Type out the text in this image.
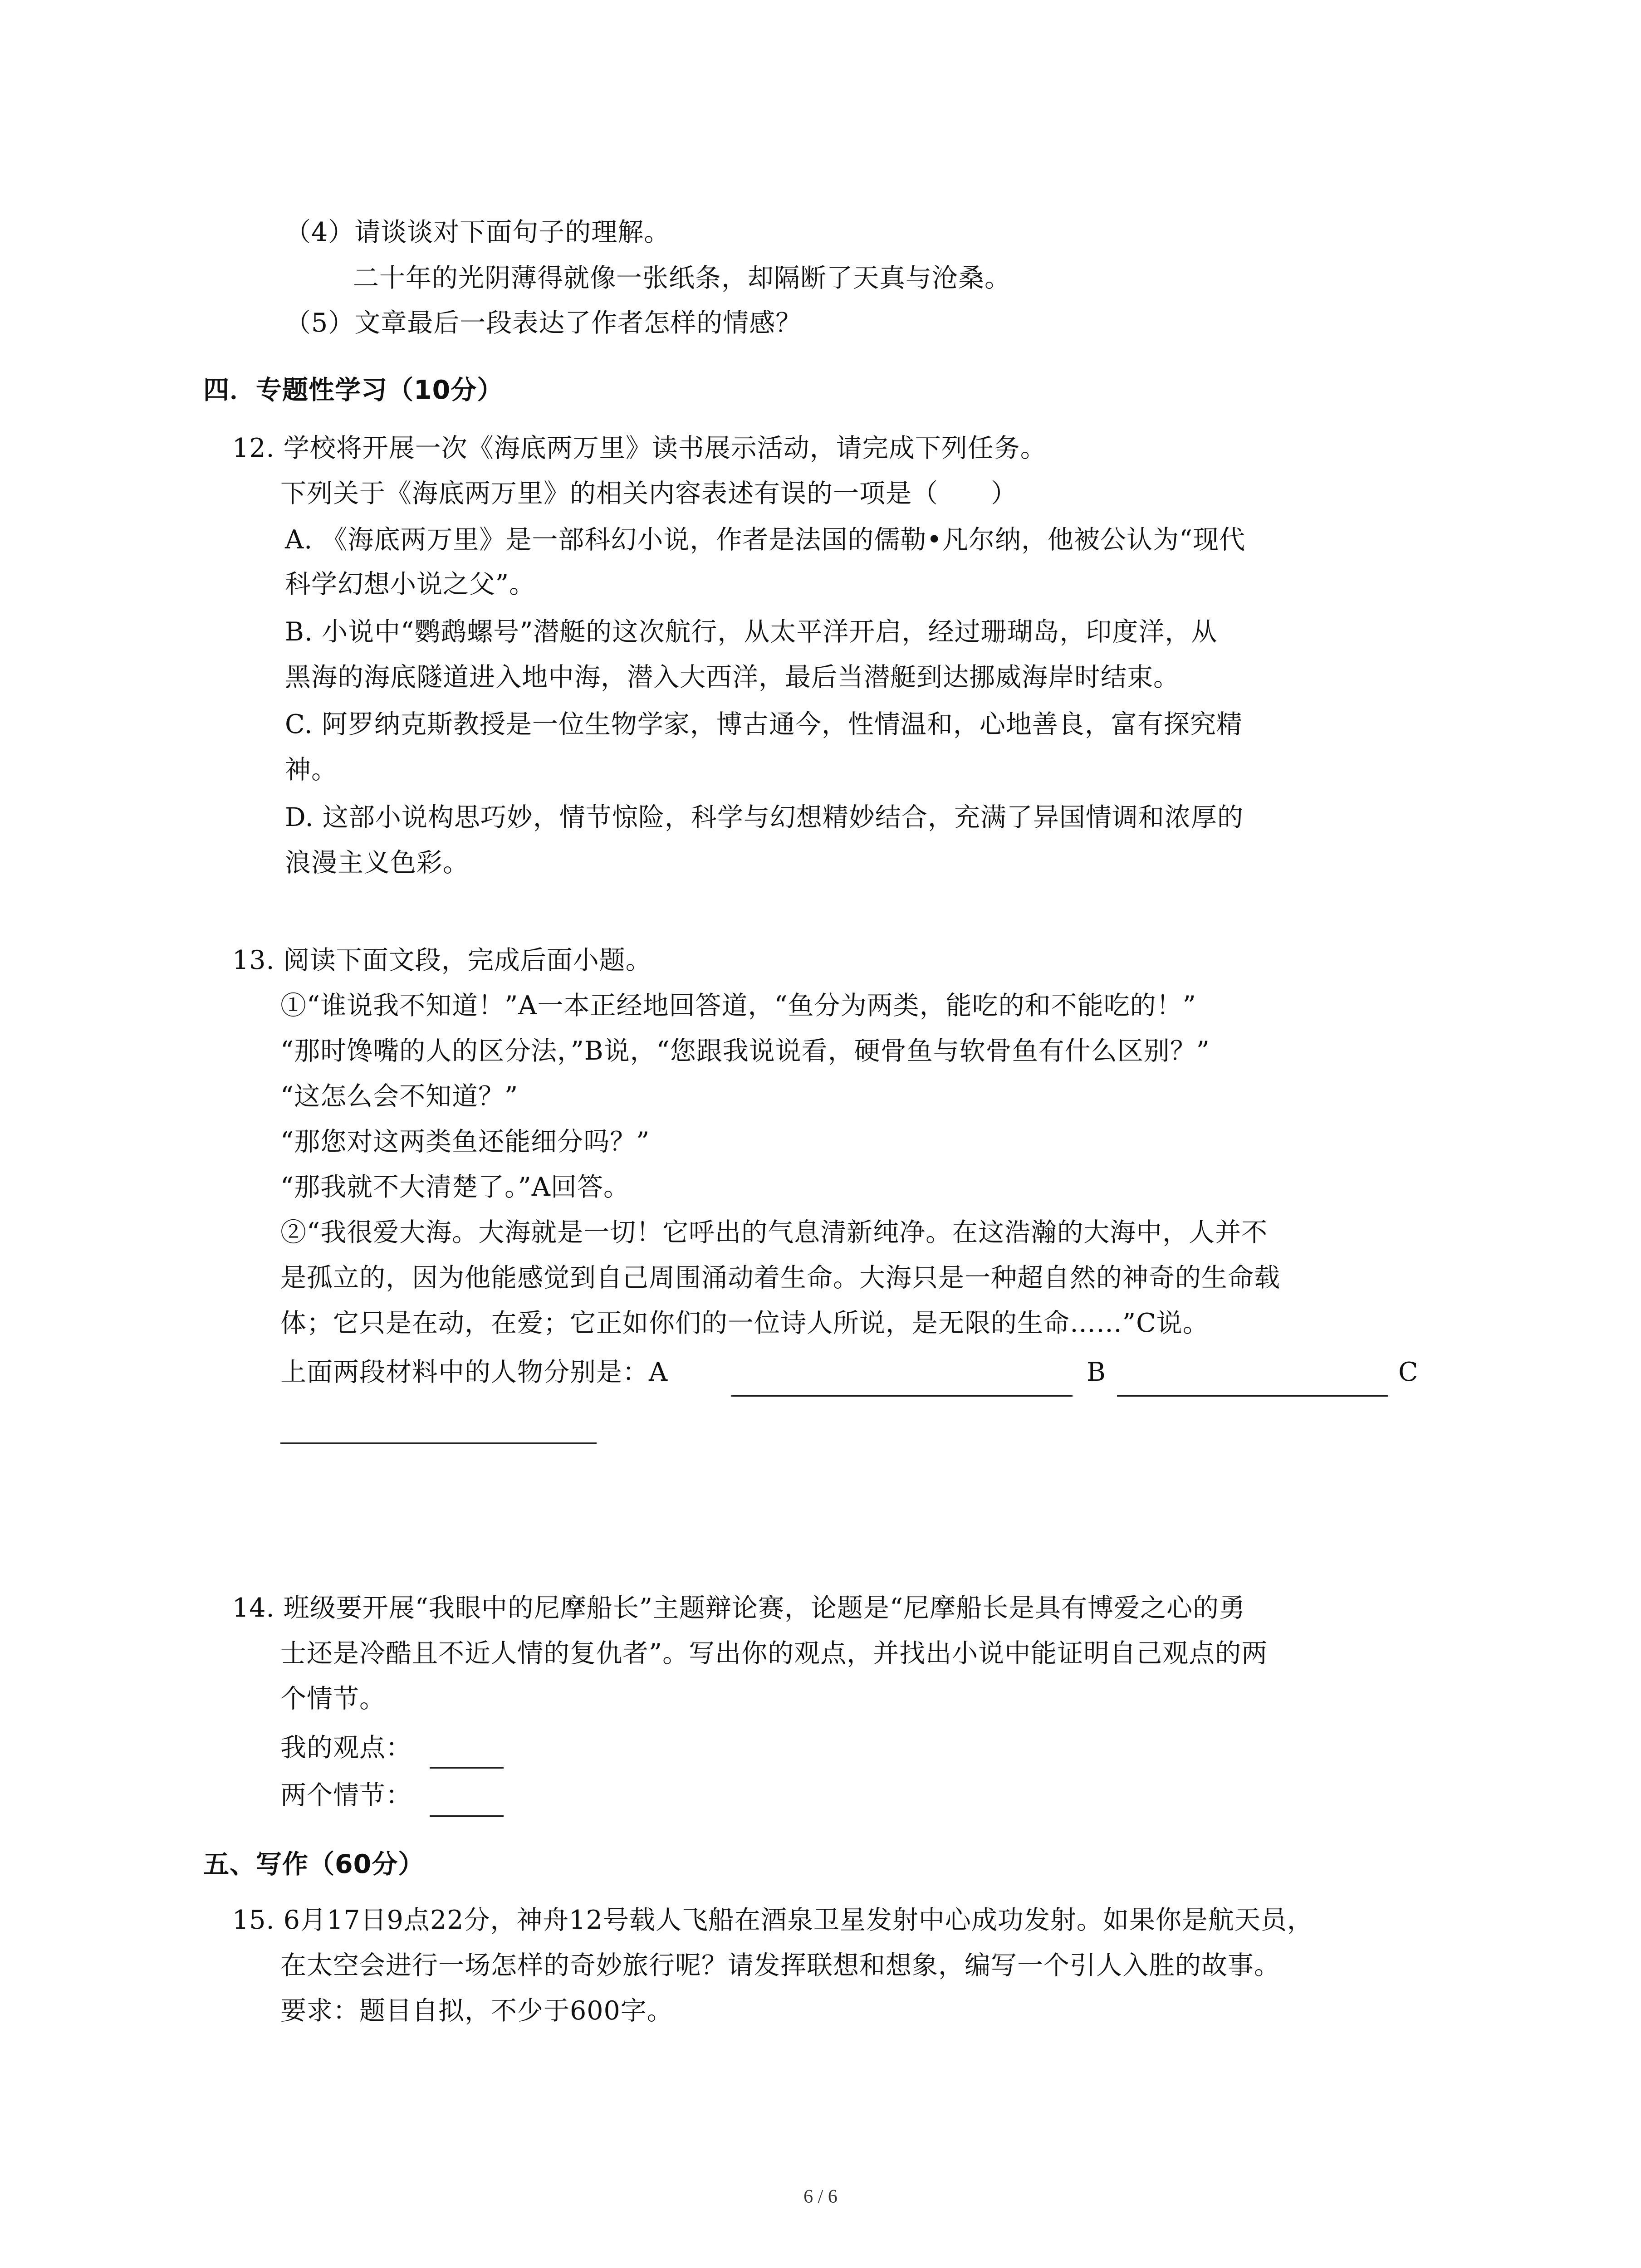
（4）请谈谈对下面句子的理解。
二十年的光阴薄得就像一张纸条，却隔断了天真与沧桑。
（5）文章最后一段表达了作者怎样的情感？
四．专题性学习（10分）
12. 学校将开展一次《海底两万里》读书展示活动，请完成下列任务。
下列关于《海底两万里》的相关内容表述有误的一项是（　　）
A. 《海底两万里》是一部科幻小说，作者是法国的儒勒•凡尔纳，他被公认为“现代
科学幻想小说之父”。
B. 小说中“鹦鹉螺号”潜艇的这次航行，从太平洋开启，经过珊瑚岛，印度洋，从
黑海的海底隧道进入地中海，潜入大西洋，最后当潜艇到达挪威海岸时结束。
C. 阿罗纳克斯教授是一位生物学家，博古通今，性情温和，心地善良，富有探究精
神。
D. 这部小说构思巧妙，情节惊险，科学与幻想精妙结合，充满了异国情调和浓厚的
浪漫主义色彩。
13. 阅读下面文段，完成后面小题。
①“谁说我不知道！”A一本正经地回答道，“鱼分为两类，能吃的和不能吃的！”
“那时馋嘴的人的区分法，”B说，“您跟我说说看，硬骨鱼与软骨鱼有什么区别？”
“这怎么会不知道？”
“那您对这两类鱼还能细分吗？”
“那我就不大清楚了。”A回答。
②“我很爱大海。大海就是一切！它呼出的气息清新纯净。在这浩瀚的大海中，人并不
是孤立的，因为他能感觉到自己周围涌动着生命。大海只是一种超自然的神奇的生命载
体；它只是在动，在爱；它正如你们的一位诗人所说，是无限的生命……”C说。
上面两段材料中的人物分别是：A	B	C
14. 班级要开展“我眼中的尼摩船长”主题辩论赛，论题是“尼摩船长是具有博爱之心的勇
士还是冷酷且不近人情的复仇者”。写出你的观点，并找出小说中能证明自己观点的两
个情节。
我的观点：
两个情节：
五、写作（60分）
15. 6月17日9点22分，神舟12号载人飞船在酒泉卫星发射中心成功发射。如果你是航天员，
在太空会进行一场怎样的奇妙旅行呢？请发挥联想和想象，编写一个引人入胜的故事。
要求：题目自拟，不少于600字。
6 / 6
